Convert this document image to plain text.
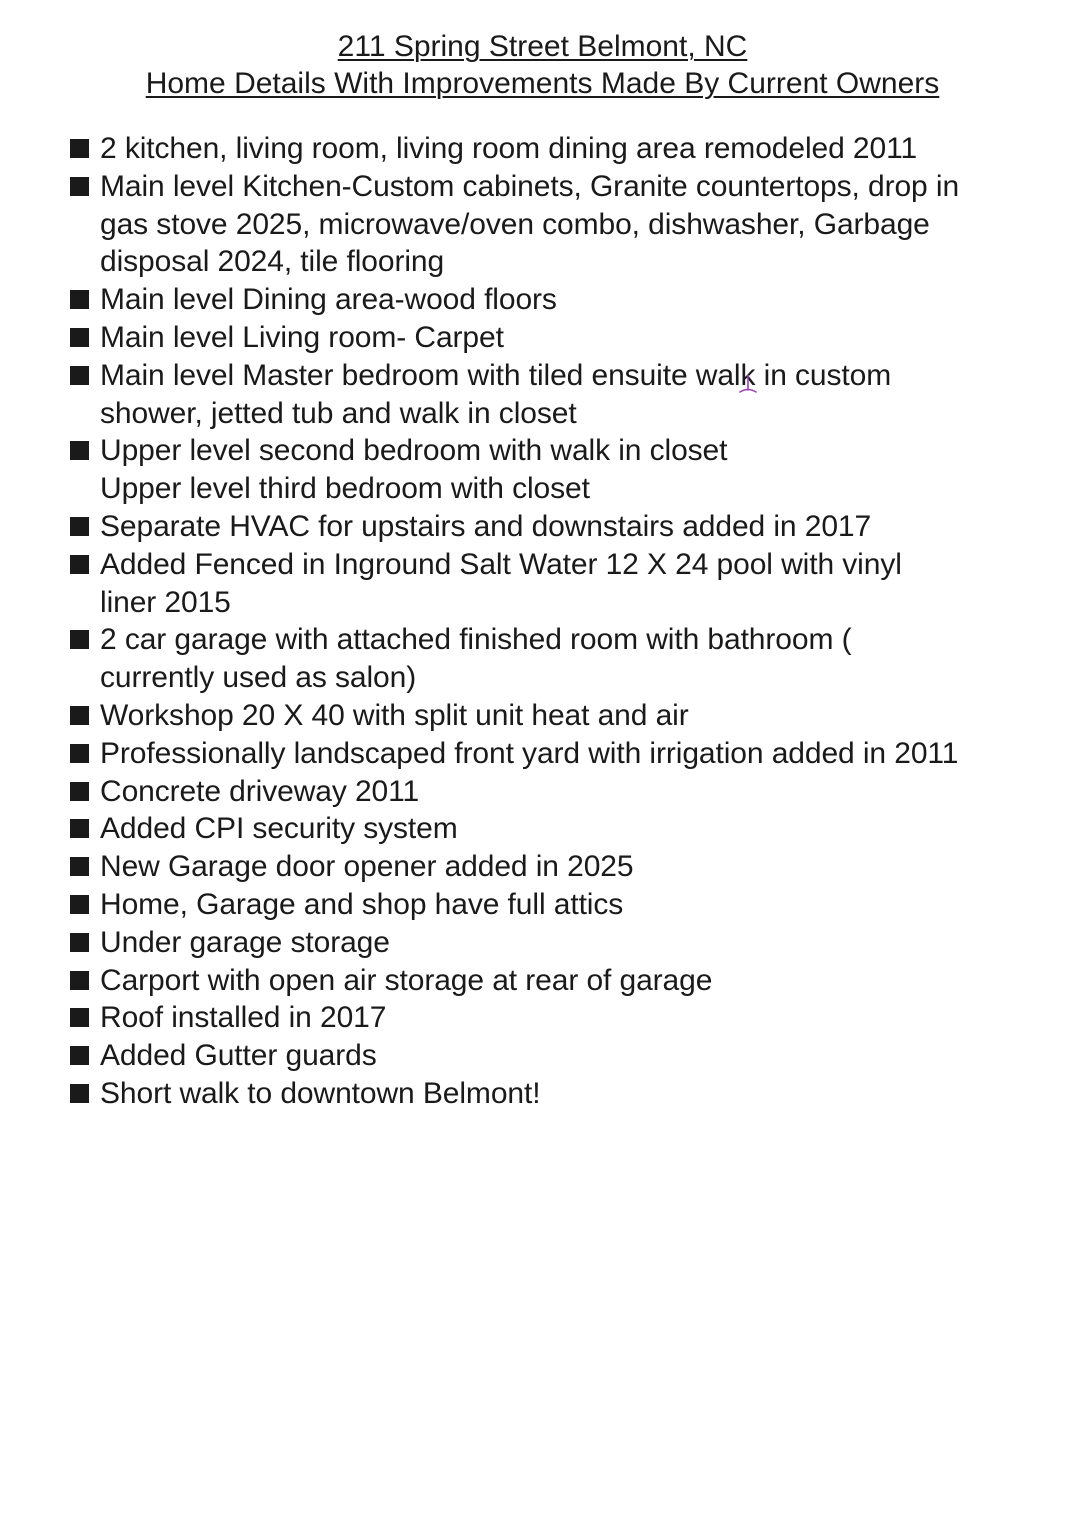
211 Spring Street Belmont, NC

Home Details With Improvements Made By Current Owners

2 kitchen, living room, living room dining area remodeled 2011
Main level Kitchen-Custom cabinets, Granite countertops, drop in
gas stove 2025, microwave/oven combo, dishwasher, Garbage
disposal 2024, tile flooring
Main level Dining area-wood floors
Main level Living room- Carpet
Main level Master bedroom with tiled ensuite walk in custom
shower, jetted tub and walk in closet
Upper level second bedroom with walk in closet
Upper level third bedroom with closet
Separate HVAC for upstairs and downstairs added in 2017
Added Fenced in Inground Salt Water 12 X 24 pool with vinyl
liner 2015
2 car garage with attached finished room with bathroom (
currently used as salon)
Workshop 20 X 40 with split unit heat and air
Professionally landscaped front yard with irrigation added in 2011
Concrete driveway 2011
Added CPI security system
New Garage door opener added in 2025
Home, Garage and shop have full attics
Under garage storage
Carport with open air storage at rear of garage
Roof installed in 2017
Added Gutter guards
Short walk to downtown Belmont!
